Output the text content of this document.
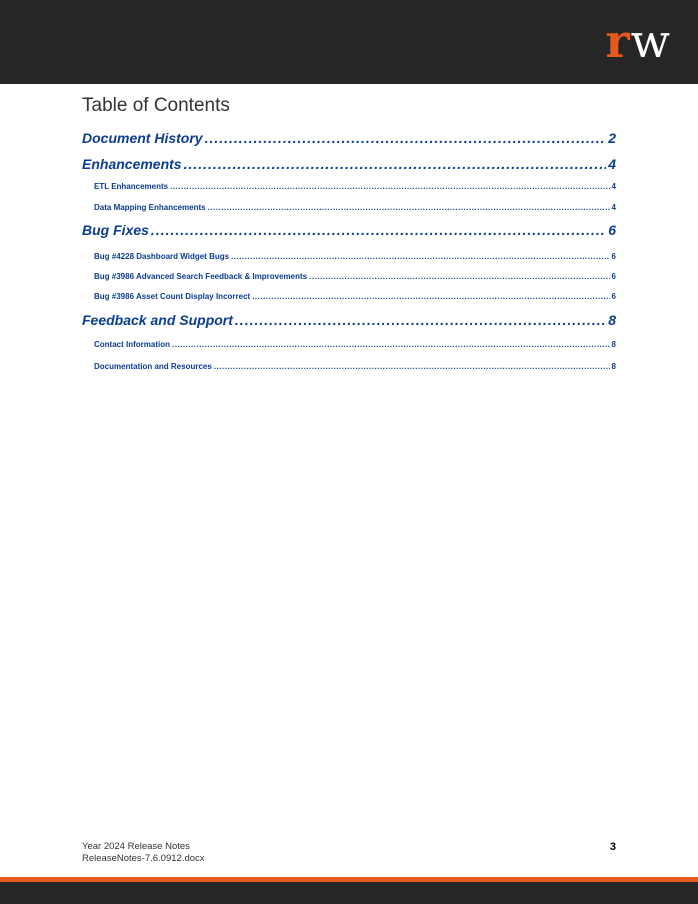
r w
Table of Contents
Document History .....	2
Enhancements .....	4
ETL Enhancements .....	4
Data Mapping Enhancements .....	4
Bug Fixes .....	6
Bug #4228 Dashboard Widget Bugs .....	6
Bug #3986 Advanced Search Feedback & Improvements .....	6
Bug #3986 Asset Count Display Incorrect .....	6
Feedback and Support .....	8
Contact Information .....	8
Documentation and Resources .....	8
Year 2024 Release Notes
ReleaseNotes-7.6.0912.docx
3
